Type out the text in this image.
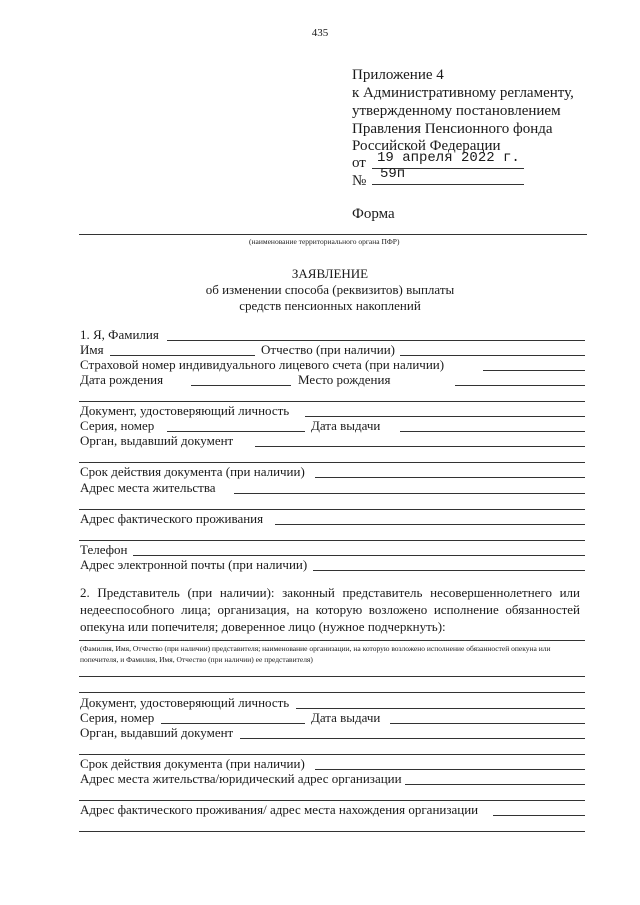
435
Приложение 4
к Административному регламенту,
утвержденному постановлением
Правления Пенсионного фонда
Российской Федерации
от 19 апреля 2022 г.
№ 59п
Форма
(наименование территориального органа ПФР)
ЗАЯВЛЕНИЕ
об изменении способа (реквизитов) выплаты
средств пенсионных накоплений
1. Я, Фамилия
Имя	Отчество (при наличии)
Страховой номер индивидуального лицевого счета (при наличии)
Дата рождения	Место рождения
Документ, удостоверяющий личность
Серия, номер	Дата выдачи
Орган, выдавший документ
Срок действия документа (при наличии)
Адрес места жительства
Адрес фактического проживания
Телефон
Адрес электронной почты (при наличии)
2. Представитель (при наличии): законный представитель несовершеннолетнего или недееспособного лица; организация, на которую возложено исполнение обязанностей опекуна или попечителя; доверенное лицо (нужное подчеркнуть):
(Фамилия, Имя, Отчество (при наличии) представителя; наименование организации, на которую возложено исполнение обязанностей опекуна или попечителя, и Фамилия, Имя, Отчество (при наличии) ее представителя)
Документ, удостоверяющий личность
Серия, номер	Дата выдачи
Орган, выдавший документ
Срок действия документа (при наличии)
Адрес места жительства/юридический адрес организации
Адрес фактического проживания/ адрес места нахождения организации
